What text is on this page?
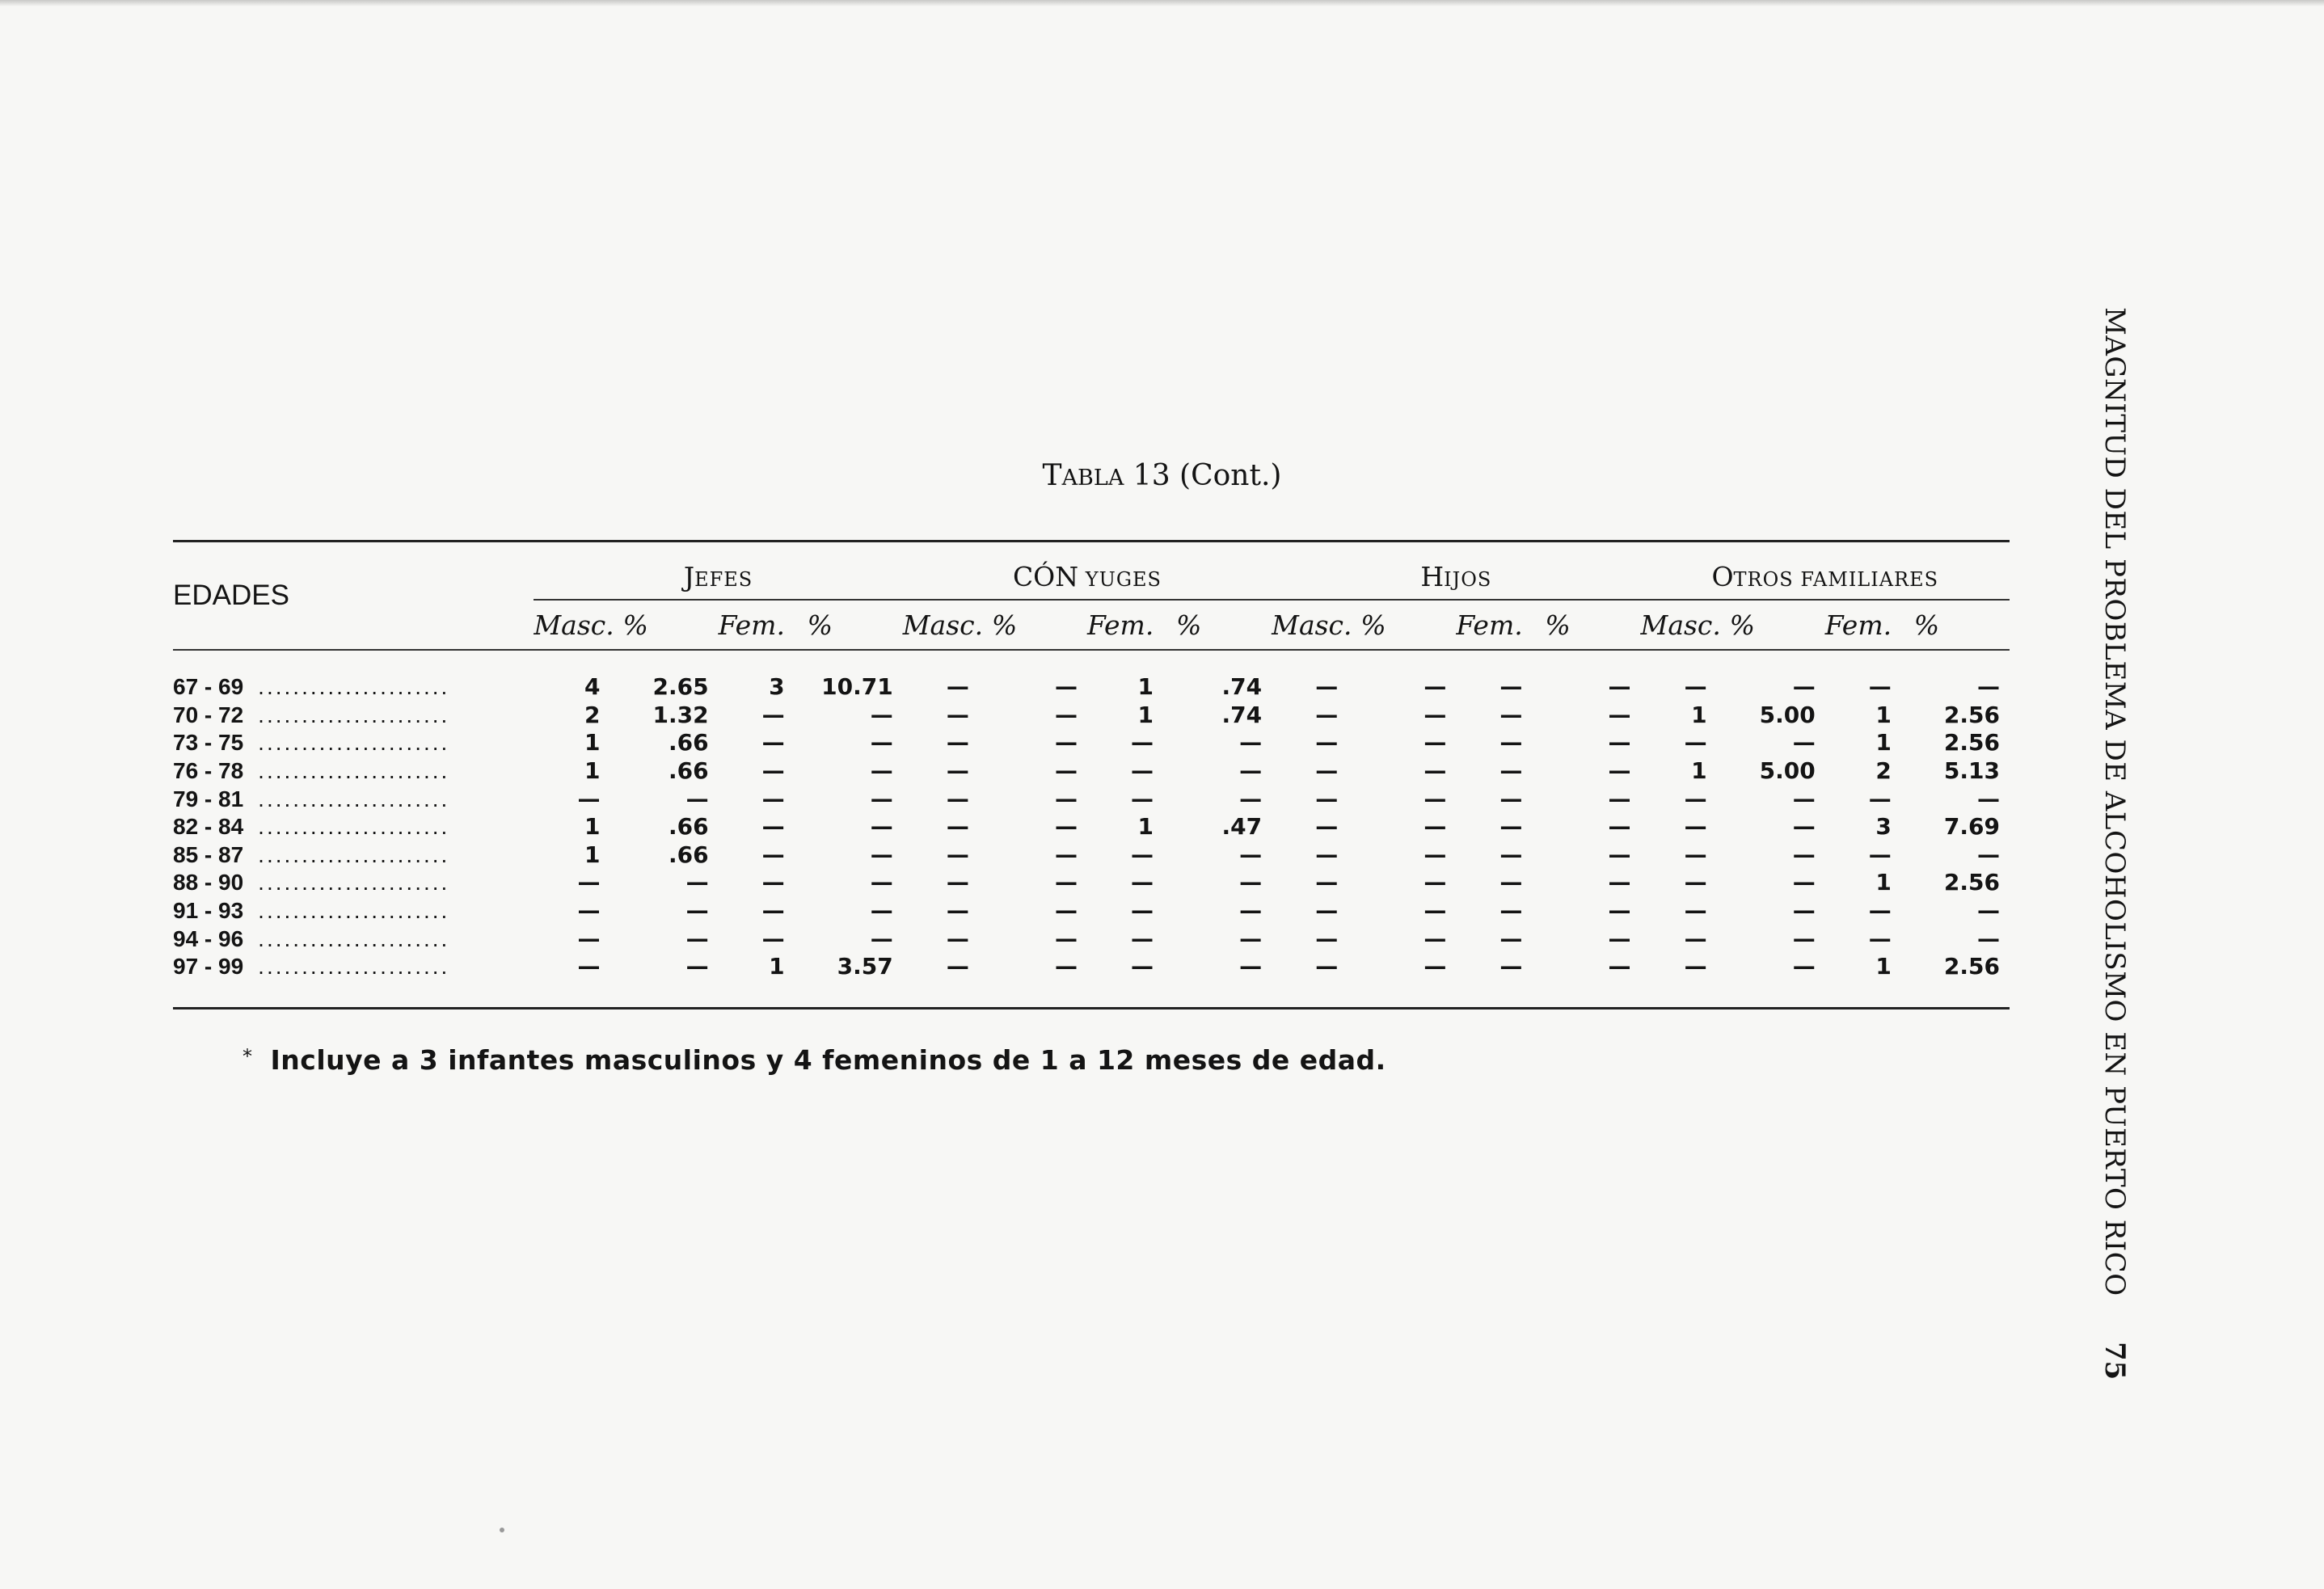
TABLA 13 (Cont.)
EDADES	JEFES				CÓN YUGES				HIJOS				OTROS FAMILIARES			
	Masc.	%	Fem.	%	Masc.	%	Fem.	%	Masc.	%	Fem.	%	Masc.	%	Fem.	%
67 - 69 ......................	4	2.65	3	10.71	—	—	1	.74	—	—	—	—	—	—	—	—
70 - 72 ......................	2	1.32	—	—	—	—	1	.74	—	—	—	—	1	5.00	1	2.56
73 - 75 ......................	1	.66	—	—	—	—	—	—	—	—	—	—	—	—	1	2.56
76 - 78 ......................	1	.66	—	—	—	—	—	—	—	—	—	—	1	5.00	2	5.13
79 - 81 ......................	—	—	—	—	—	—	—	—	—	—	—	—	—	—	—	—
82 - 84 ......................	1	.66	—	—	—	—	1	.47	—	—	—	—	—	—	3	7.69
85 - 87 ......................	1	.66	—	—	—	—	—	—	—	—	—	—	—	—	—	—
88 - 90 ......................	—	—	—	—	—	—	—	—	—	—	—	—	—	—	1	2.56
91 - 93 ......................	—	—	—	—	—	—	—	—	—	—	—	—	—	—	—	—
94 - 96 ......................	—	—	—	—	—	—	—	—	—	—	—	—	—	—	—	—
97 - 99 ......................	—	—	1	3.57	—	—	—	—	—	—	—	—	—	—	1	2.56

* Incluye a 3 infantes masculinos y 4 femeninos de 1 a 12 meses de edad.	MAGNITUD DEL PROBLEMA DE ALCOHOLISMO EN PUERTO RICO
75
